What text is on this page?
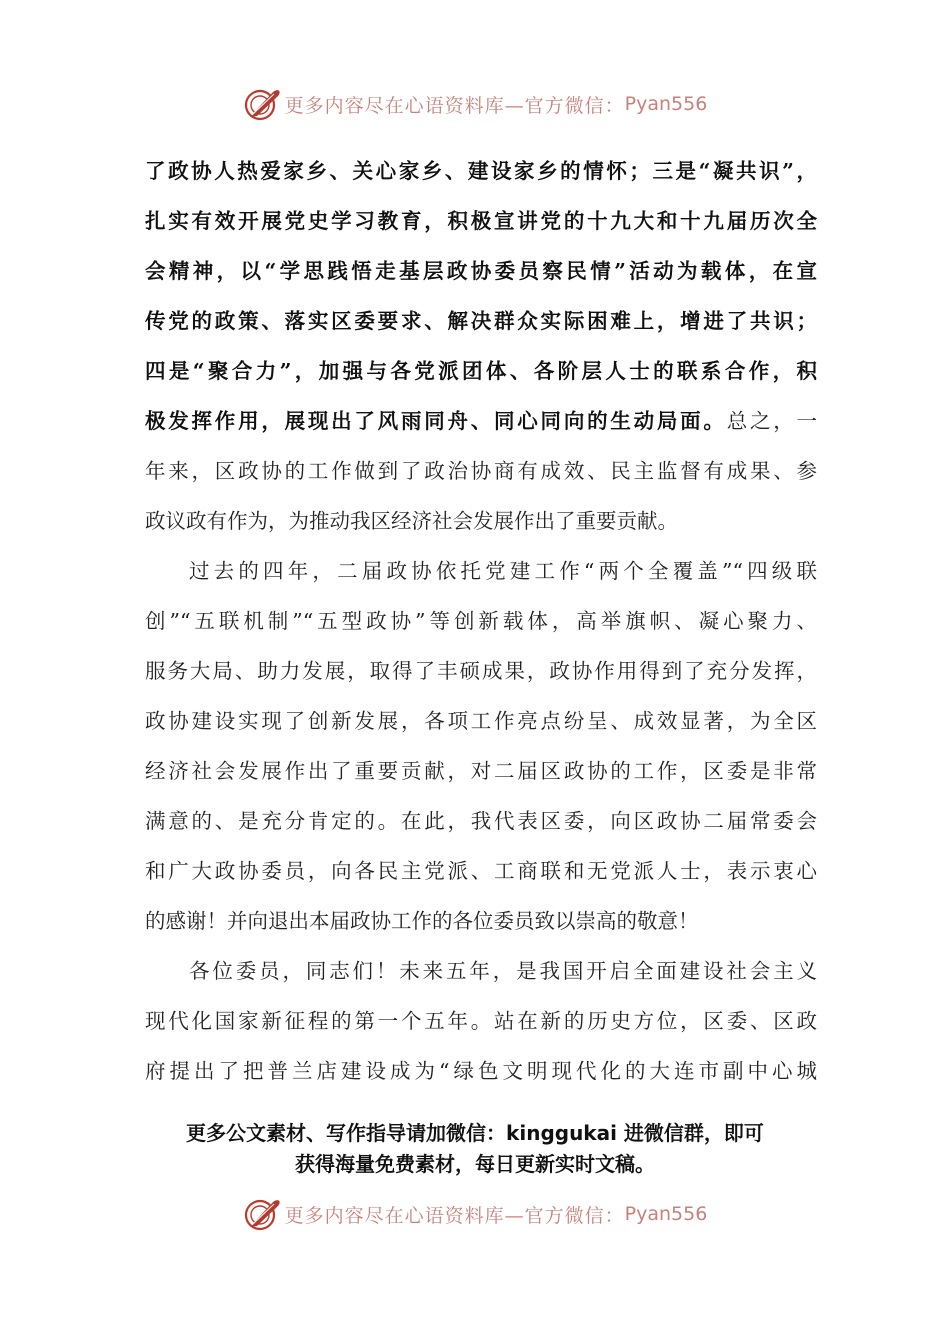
更多内容尽在心语资料库—官方微信： Pyan556
了政协人热爱家乡、关心家乡、建设家乡的情怀；三是“凝共识”，
扎实有效开展党史学习教育，积极宣讲党的十九大和十九届历次全
会精神，以“学思践悟走基层政协委员察民情”活动为载体，在宣
传党的政策、落实区委要求、解决群众实际困难上，增进了共识；
四是“聚合力”，加强与各党派团体、各阶层人士的联系合作，积
极发挥作用，展现出了风雨同舟、同心同向的生动局面。总之，一
年来，区政协的工作做到了政治协商有成效、民主监督有成果、参
政议政有作为，为推动我区经济社会发展作出了重要贡献。
过去的四年，二届政协依托党建工作“两个全覆盖”“四级联
创”“五联机制”“五型政协”等创新载体，高举旗帜、凝心聚力、
服务大局、助力发展，取得了丰硕成果，政协作用得到了充分发挥，
政协建设实现了创新发展，各项工作亮点纷呈、成效显著，为全区
经济社会发展作出了重要贡献，对二届区政协的工作，区委是非常
满意的、是充分肯定的。在此，我代表区委，向区政协二届常委会
和广大政协委员，向各民主党派、工商联和无党派人士，表示衷心
的感谢！并向退出本届政协工作的各位委员致以崇高的敬意！
各位委员，同志们！未来五年，是我国开启全面建设社会主义
现代化国家新征程的第一个五年。站在新的历史方位，区委、区政
府提出了把普兰店建设成为“绿色文明现代化的大连市副中心城
更多公文素材、写作指导请加微信：kinggukai 进微信群，即可
获得海量免费素材，每日更新实时文稿。
更多内容尽在心语资料库—官方微信： Pyan556
